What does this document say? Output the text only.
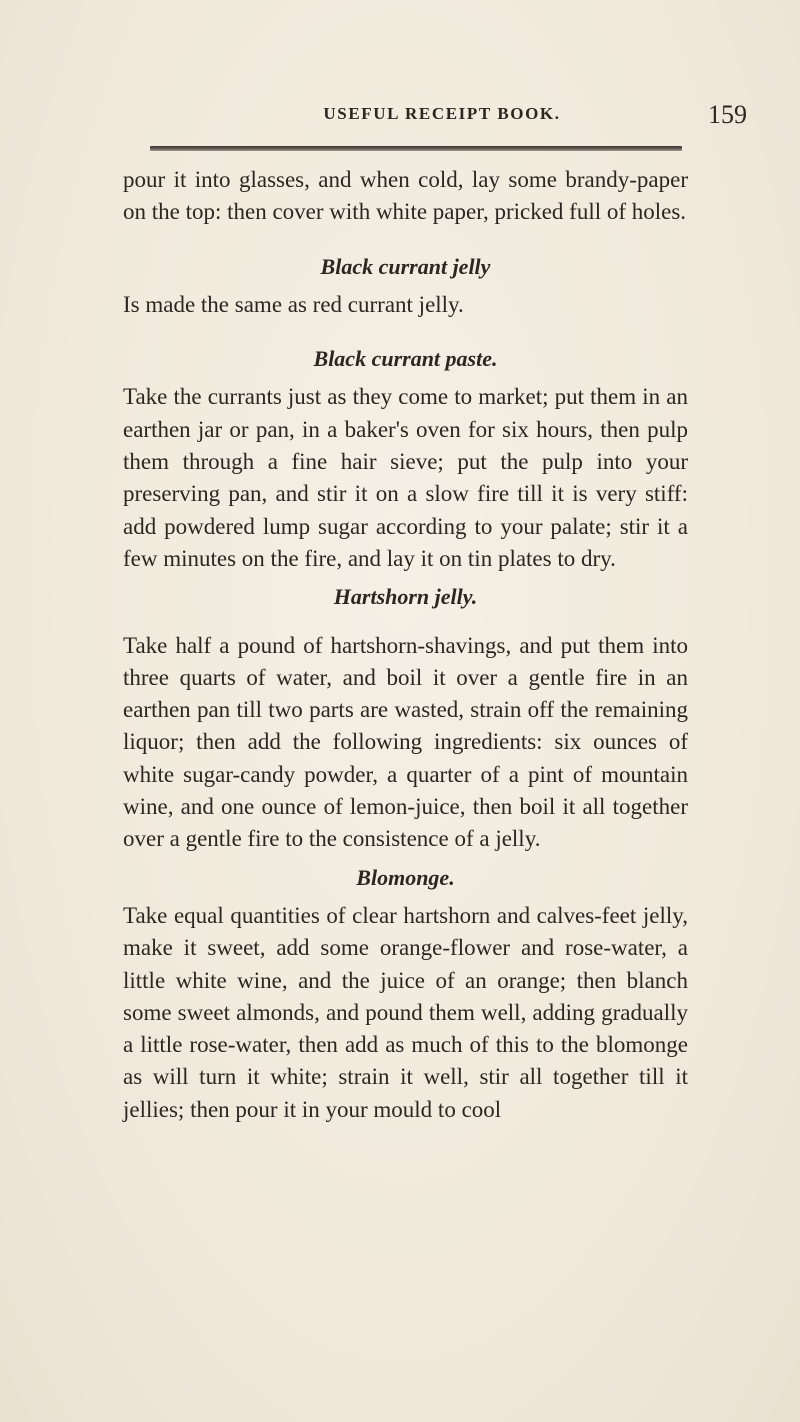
USEFUL RECEIPT BOOK.	159

pour it into glasses, and when cold, lay some brandy-paper on the top: then cover with white paper, pricked full of holes.

Black currant jelly

Is made the same as red currant jelly.

Black currant paste.

Take the currants just as they come to market; put them in an earthen jar or pan, in a baker's oven for six hours, then pulp them through a fine hair sieve; put the pulp into your preserving pan, and stir it on a slow fire till it is very stiff: add powdered lump sugar according to your palate; stir it a few minutes on the fire, and lay it on tin plates to dry.

Hartshorn jelly.

Take half a pound of hartshorn-shavings, and put them into three quarts of water, and boil it over a gentle fire in an earthen pan till two parts are wasted, strain off the remaining liquor; then add the following ingredients: six ounces of white sugar-candy powder, a quarter of a pint of mountain wine, and one ounce of lemon-juice, then boil it all together over a gentle fire to the consistence of a jelly.

Blomonge.

Take equal quantities of clear hartshorn and calves-feet jelly, make it sweet, add some orange-flower and rose-water, a little white wine, and the juice of an orange; then blanch some sweet almonds, and pound them well, adding gradually a little rose-water, then add as much of this to the blomonge as will turn it white; strain it well, stir all together till it jellies; then pour it in your mould to cool
